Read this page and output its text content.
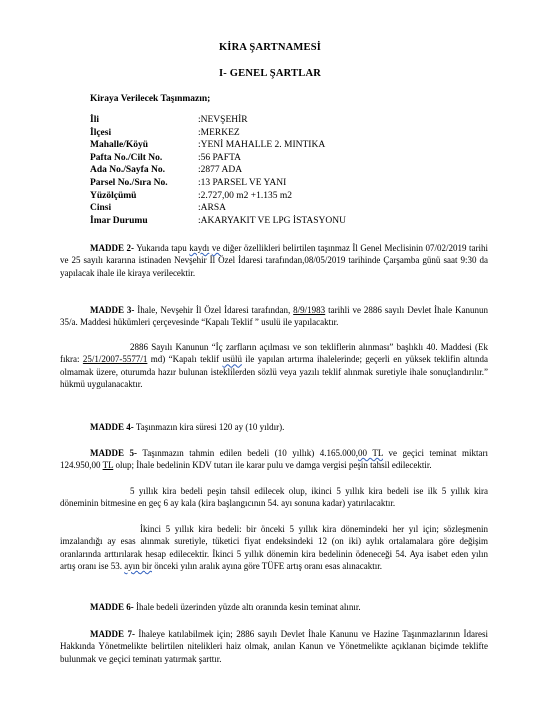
KİRA ŞARTNAMESİ
I- GENEL ŞARTLAR
Kiraya Verilecek Taşınmazın;
İli	:NEVŞEHİR
İlçesi	:MERKEZ
Mahalle/Köyü	:YENİ MAHALLE 2. MINTIKA
Pafta No./Cilt No.	:56 PAFTA
Ada No./Sayfa No.	:2877 ADA
Parsel No./Sıra No.	:13 PARSEL VE YANI
Yüzölçümü	:2.727,00 m2 +1.135 m2
Cinsi	:ARSA
İmar Durumu	:AKARYAKIT VE LPG İSTASYONU
MADDE 2- Yukarıda tapu kaydı ve diğer özellikleri belirtilen taşınmaz İl Genel Meclisinin 07/02/2019 tarihi ve 25 sayılı kararına istinaden Nevşehir İl Özel İdaresi tarafından,08/05/2019 tarihinde Çarşamba günü saat 9:30 da yapılacak ihale ile kiraya verilecektir.
MADDE 3- İhale, Nevşehir İl Özel İdaresi tarafından, 8/9/1983 tarihli ve 2886 sayılı Devlet İhale Kanunun 35/a. Maddesi hükümleri çerçevesinde “Kapalı Teklif ” usulü ile yapılacaktır.
2886 Sayılı Kanunun “İç zarfların açılması ve son tekliflerin alınması” başlıklı 40. Maddesi (Ek fıkra: 25/1/2007-5577/1 md) “Kapalı teklif usülü ile yapılan artırma ihalelerinde; geçerli en yüksek teklifin altında olmamak üzere, oturumda hazır bulunan isteklilerden sözlü veya yazılı teklif alınmak suretiyle ihale sonuçlandırılır.” hükmü uygulanacaktır.
MADDE 4- Taşınmazın kira süresi 120 ay (10 yıldır).
MADDE 5- Taşınmazın tahmin edilen bedeli (10 yıllık) 4.165.000,00 TL ve geçici teminat miktarı 124.950,00 TL olup; İhale bedelinin KDV tutarı ile karar pulu ve damga vergisi peşin tahsil edilecektir.
5 yıllık kira bedeli peşin tahsil edilecek olup, ikinci 5 yıllık kira bedeli ise ilk 5 yıllık kira döneminin bitmesine en geç 6 ay kala (kira başlangıcının 54. ayı sonuna kadar) yatırılacaktır.
İkinci 5 yıllık kira bedeli: bir önceki 5 yıllık kira dönemindeki her yıl için; sözleşmenin imzalandığı ay esas alınmak suretiyle, tüketici fiyat endeksindeki 12 (on iki) aylık ortalamalara göre değişim oranlarında arttırılarak hesap edilecektir. İkinci 5 yıllık dönemin kira bedelinin ödeneceği 54. Aya isabet eden yılın artış oranı ise 53. ayın bir önceki yılın aralık ayına göre TÜFE artış oranı esas alınacaktır.
MADDE 6- İhale bedeli üzerinden yüzde altı oranında kesin teminat alınır.
MADDE 7- İhaleye katılabilmek için; 2886 sayılı Devlet İhale Kanunu ve Hazine Taşınmazlarının İdaresi Hakkında Yönetmelikte belirtilen nitelikleri haiz olmak, anılan Kanun ve Yönetmelikte açıklanan biçimde teklifte bulunmak ve geçici teminatı yatırmak şarttır.
